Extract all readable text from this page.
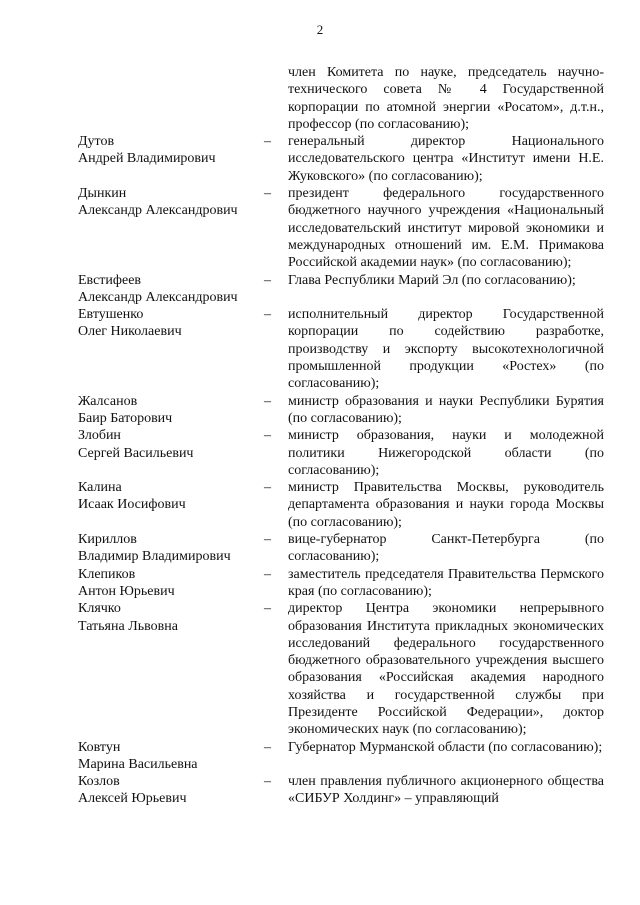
2
член Комитета по науке, председатель научно-технического совета № 4 Государственной корпорации по атомной энергии «Росатом», д.т.н., профессор (по согласованию);
Дутов
Андрей Владимирович
–	генеральный директор Национального исследовательского центра «Институт имени Н.Е. Жуковского» (по согласованию);
Дынкин
Александр Александрович
–	президент федерального государственного бюджетного научного учреждения «Национальный исследовательский институт мировой экономики и международных отношений им. Е.М. Примакова Российской академии наук» (по согласованию);
Евстифеев
Александр Александрович
–	Глава Республики Марий Эл (по согласованию);
Евтушенко
Олег Николаевич
–	исполнительный директор Государственной корпорации по содействию разработке, производству и экспорту высокотехнологичной промышленной продукции «Ростех» (по согласованию);
Жалсанов
Баир Баторович
–	министр образования и науки Республики Бурятия (по согласованию);
Злобин
Сергей Васильевич
–	министр образования, науки и молодежной политики Нижегородской области (по согласованию);
Калина
Исаак Иосифович
–	министр Правительства Москвы, руководитель департамента образования и науки города Москвы (по согласованию);
Кириллов
Владимир Владимирович
–	вице-губернатор Санкт-Петербурга (по согласованию);
Клепиков
Антон Юрьевич
–	заместитель председателя Правительства Пермского края (по согласованию);
Клячко
Татьяна Львовна
–	директор Центра экономики непрерывного образования Института прикладных экономических исследований федерального государственного бюджетного образовательного учреждения высшего образования «Российская академия народного хозяйства и государственной службы при Президенте Российской Федерации», доктор экономических наук (по согласованию);
Ковтун
Марина Васильевна
–	Губернатор Мурманской области (по согласованию);
Козлов
Алексей Юрьевич
–	член правления публичного акционерного общества «СИБУР Холдинг» – управляющий
